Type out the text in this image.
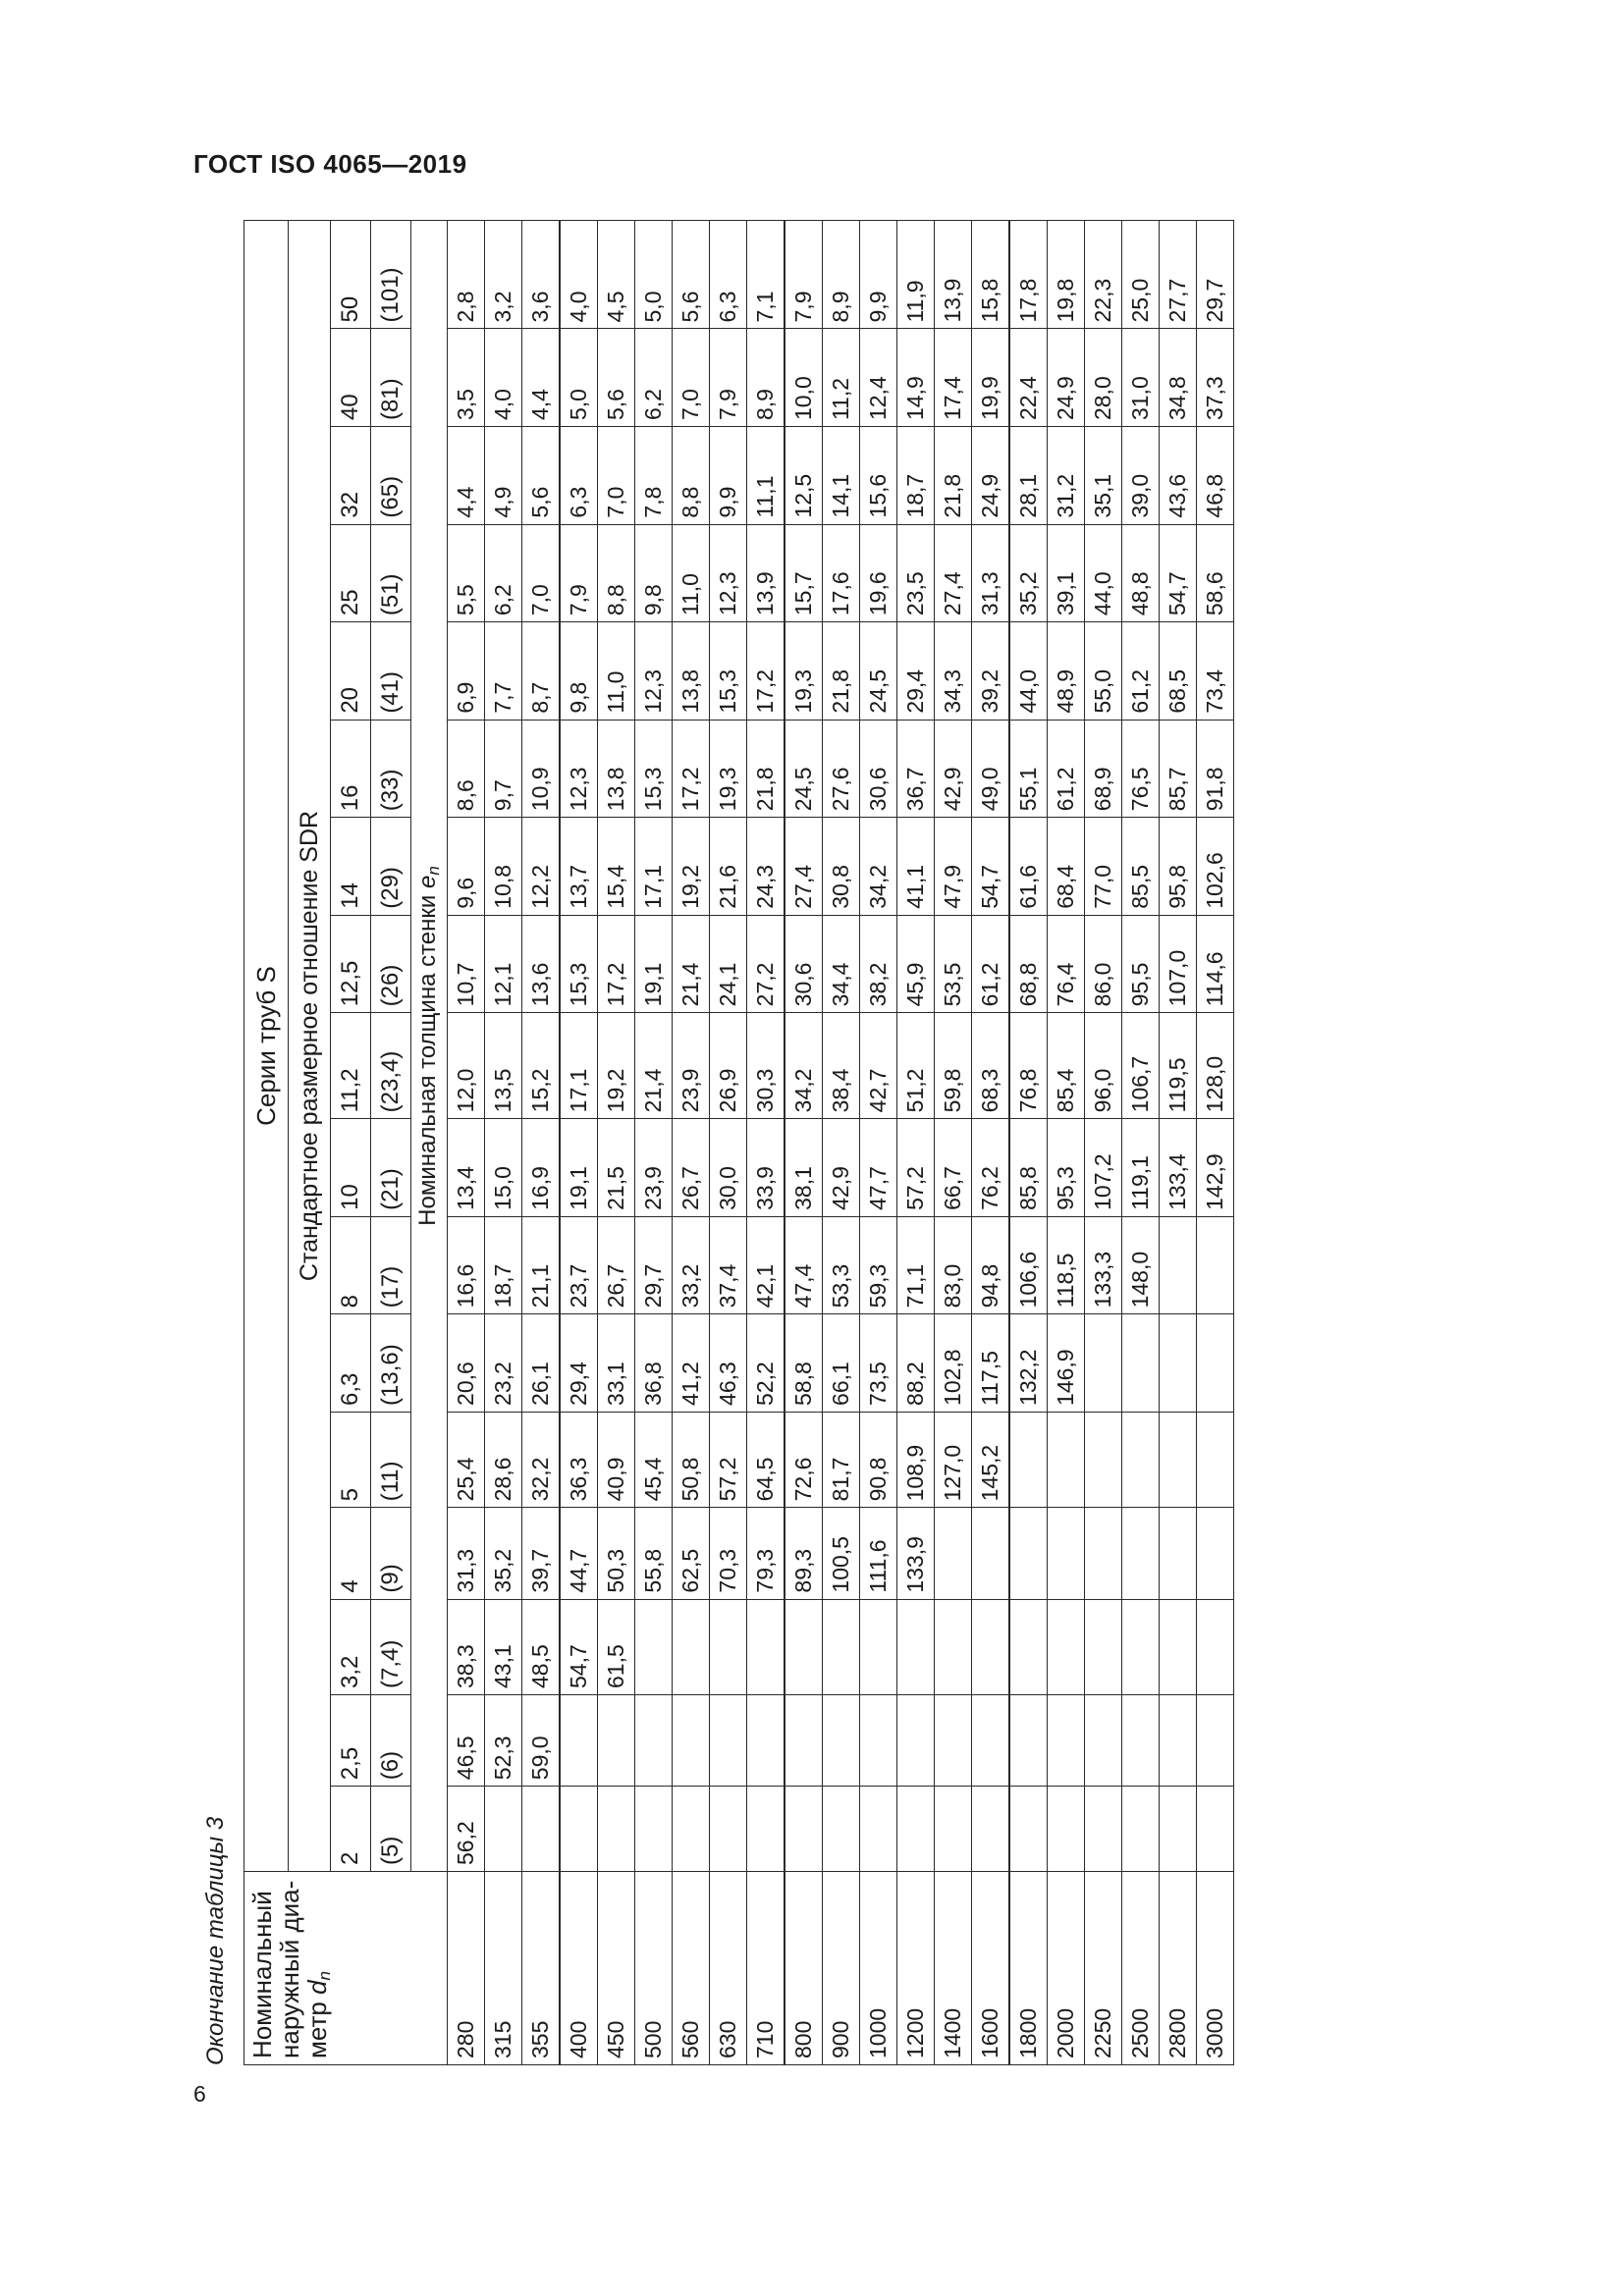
ГОСТ ISO 4065—2019
Окончание таблицы 3 Номинальный наружный диа-метр $d_n$	Серии труб S																
	Стандартное размерное отношение SDR																
	2	2,5	3,2	4	5	6,3	8	10	11,2	12,5	14	16	20	25	32	40	50
	(5)	(6)	(7,4)	(9)	(11)	(13,6)	(17)	(21)	(23,4)	(26)	(29)	(33)	(41)	(51)	(65)	(81)	(101)
	Номинальная толщина стенки $e_n$
280	56,2	46,5	38,3	31,3	25,4	20,6	16,6	13,4	12,0	10,7	9,6	8,6	6,9	5,5	4,4	3,5	2,8
315		52,3	43,1	35,2	28,6	23,2	18,7	15,0	13,5	12,1	10,8	9,7	7,7	6,2	4,9	4,0	3,2
355		59,0	48,5	39,7	32,2	26,1	21,1	16,9	15,2	13,6	12,2	10,9	8,7	7,0	5,6	4,4	3,6
400			54,7	44,7	36,3	29,4	23,7	19,1	17,1	15,3	13,7	12,3	9,8	7,9	6,3	5,0	4,0
450			61,5	50,3	40,9	33,1	26,7	21,5	19,2	17,2	15,4	13,8	11,0	8,8	7,0	5,6	4,5
500				55,8	45,4	36,8	29,7	23,9	21,4	19,1	17,1	15,3	12,3	9,8	7,8	6,2	5,0
560				62,5	50,8	41,2	33,2	26,7	23,9	21,4	19,2	17,2	13,8	11,0	8,8	7,0	5,6
630				70,3	57,2	46,3	37,4	30,0	26,9	24,1	21,6	19,3	15,3	12,3	9,9	7,9	6,3
710				79,3	64,5	52,2	42,1	33,9	30,3	27,2	24,3	21,8	17,2	13,9	11,1	8,9	7,1
800				89,3	72,6	58,8	47,4	38,1	34,2	30,6	27,4	24,5	19,3	15,7	12,5	10,0	7,9
900				100,5	81,7	66,1	53,3	42,9	38,4	34,4	30,8	27,6	21,8	17,6	14,1	11,2	8,9
1000				111,6	90,8	73,5	59,3	47,7	42,7	38,2	34,2	30,6	24,5	19,6	15,6	12,4	9,9
1200				133,9	108,9	88,2	71,1	57,2	51,2	45,9	41,1	36,7	29,4	23,5	18,7	14,9	11,9
1400					127,0	102,8	83,0	66,7	59,8	53,5	47,9	42,9	34,3	27,4	21,8	17,4	13,9
1600					145,2	117,5	94,8	76,2	68,3	61,2	54,7	49,0	39,2	31,3	24,9	19,9	15,8
1800						132,2	106,6	85,8	76,8	68,8	61,6	55,1	44,0	35,2	28,1	22,4	17,8
2000						146,9	118,5	95,3	85,4	76,4	68,4	61,2	48,9	39,1	31,2	24,9	19,8
2250							133,3	107,2	96,0	86,0	77,0	68,9	55,0	44,0	35,1	28,0	22,3
2500							148,0	119,1	106,7	95,5	85,5	76,5	61,2	48,8	39,0	31,0	25,0
2800								133,4	119,5	107,0	95,8	85,7	68,5	54,7	43,6	34,8	27,7
3000								142,9	128,0	114,6	102,6	91,8	73,4	58,6	46,8	37,3	29,7
6
